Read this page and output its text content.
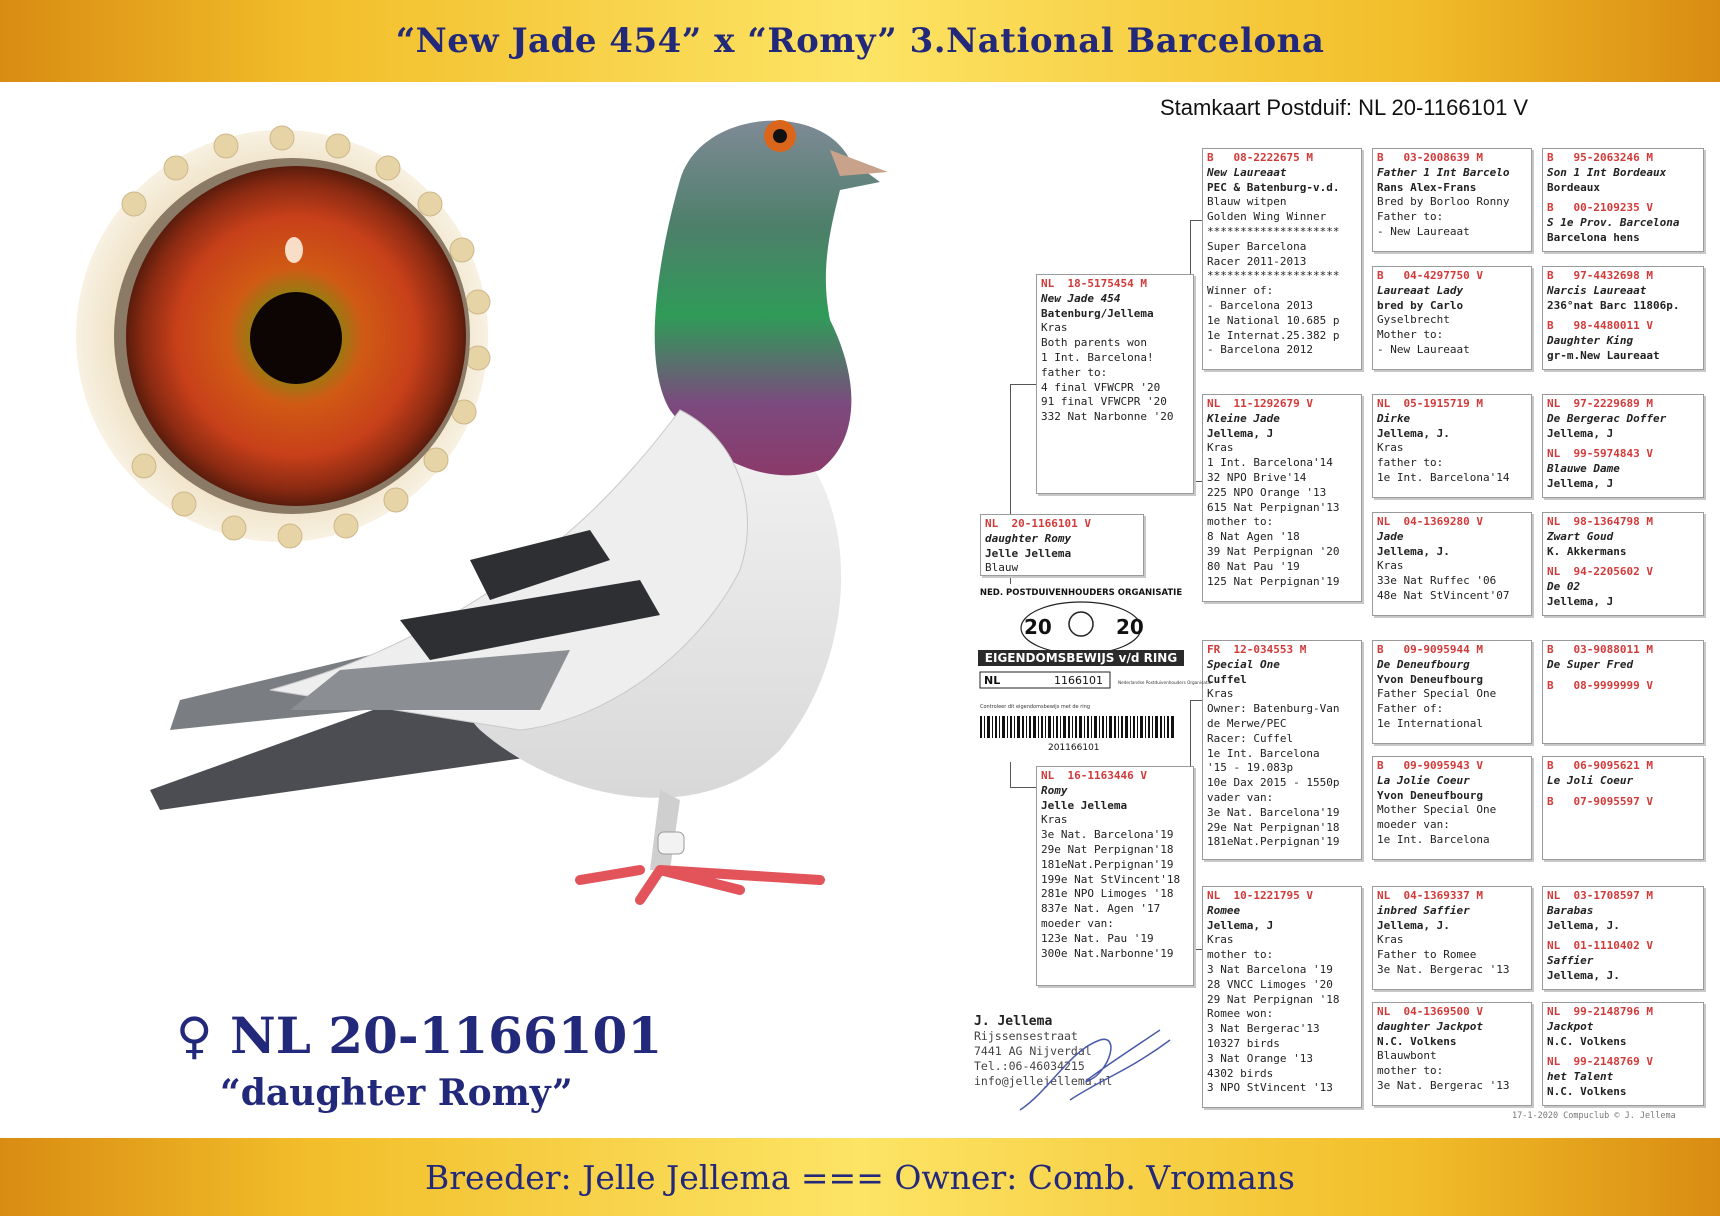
“New Jade 454” x “Romy” 3.National Barcelona
Breeder: Jelle Jellema === Owner: Comb. Vromans
♀ NL 20-1166101
“daughter Romy”
Stamkaart Postduif: NL 20-1166101 V
NL  20-1166101 V
daughter Romy
Jelle Jellema
Blauw
NL  18-5175454 M
New Jade 454
Batenburg/Jellema
Kras
Both parents won
1 Int. Barcelona!
father to:
4 final VFWCPR '20
91 final VFWCPR '20
332 Nat Narbonne '20
NL  16-1163446 V
Romy
Jelle Jellema
Kras
3e Nat. Barcelona'19
29e Nat Perpignan'18
181eNat.Perpignan'19
199e Nat StVincent'18
281e NPO Limoges '18
837e Nat. Agen '17
moeder van:
123e Nat. Pau '19
300e Nat.Narbonne'19
B   08-2222675 M
New Laureaat
PEC & Batenburg-v.d.
Blauw witpen
Golden Wing Winner
********************
Super Barcelona
Racer 2011-2013
********************
Winner of:
- Barcelona 2013
1e National 10.685 p
1e Internat.25.382 p
- Barcelona 2012
NL  11-1292679 V
Kleine Jade
Jellema, J
Kras
1 Int. Barcelona'14
32 NPO Brive'14
225 NPO Orange '13
615 Nat Perpignan'13
mother to:
8 Nat Agen '18
39 Nat Perpignan '20
80 Nat Pau '19
125 Nat Perpignan'19
FR  12-034553 M
Special One
Cuffel
Kras
Owner: Batenburg-Van
de Merwe/PEC
Racer: Cuffel
1e Int. Barcelona
'15 - 19.083p
10e Dax 2015 - 1550p
vader van:
3e Nat. Barcelona'19
29e Nat Perpignan'18
181eNat.Perpignan'19
NL  10-1221795 V
Romee
Jellema, J
Kras
mother to:
3 Nat Barcelona '19
28 VNCC Limoges '20
29 Nat Perpignan '18
Romee won:
3 Nat Bergerac'13
10327 birds
3 Nat Orange '13
4302 birds
3 NPO StVincent '13
B   03-2008639 M
Father 1 Int Barcelo
Rans Alex-Frans
Bred by Borloo Ronny
Father to:
- New Laureaat
B   04-4297750 V
Laureaat Lady
bred by Carlo
Gyselbrecht
Mother to:
- New Laureaat
NL  05-1915719 M
Dirke
Jellema, J.
Kras
father to:
1e Int. Barcelona'14
NL  04-1369280 V
Jade
Jellema, J.
Kras
33e Nat Ruffec '06
48e Nat StVincent'07
B   09-9095944 M
De Deneufbourg
Yvon Deneufbourg
Father Special One
Father of:
1e International
B   09-9095943 V
La Jolie Coeur
Yvon Deneufbourg
Mother Special One
moeder van:
1e Int. Barcelona
NL  04-1369337 M
inbred Saffier
Jellema, J.
Kras
Father to Romee
3e Nat. Bergerac '13
NL  04-1369500 V
daughter Jackpot
N.C. Volkens
Blauwbont
mother to:
3e Nat. Bergerac '13
B   95-2063246 M
Son 1 Int Bordeaux
Bordeaux
B   00-2109235 V
S 1e Prov. Barcelona
Barcelona hens
B   97-4432698 M
Narcis Laureaat
236°nat Barc 11806p.
B   98-4480011 V
Daughter King
gr-m.New Laureaat
NL  97-2229689 M
De Bergerac Doffer
Jellema, J
NL  99-5974843 V
Blauwe Dame
Jellema, J
NL  98-1364798 M
Zwart Goud
K. Akkermans
NL  94-2205602 V
De 02
Jellema, J
B   03-9088011 M
De Super Fred
B   08-9999999 V
B   06-9095621 M
Le Joli Coeur
B   07-9095597 V
NL  03-1708597 M
Barabas
Jellema, J.
NL  01-1110402 V
Saffier
Jellema, J.
NL  99-2148796 M
Jackpot
N.C. Volkens
NL  99-2148769 V
het Talent
N.C. Volkens
NED. POSTDUIVENHOUDERS ORGANISATIE
20	20
EIGENDOMSBEWIJS v/d RING
NL	1166101	Nederlandse Postduivenhouders Organisatie
Controleer dit eigendomsbewijs met de ring
201166101
J. Jellema
Rijssensestraat
7441 AG Nijverdal
Tel.:06-46034215
info@jellejellema.nl
17-1-2020 Compuclub © J. Jellema
